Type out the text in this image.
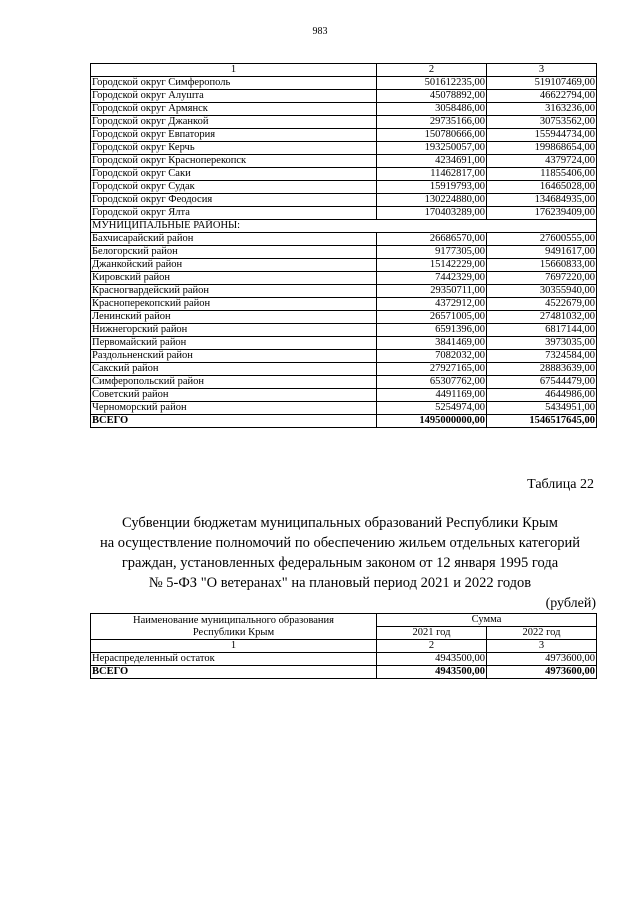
983
1	2	3
Городской округ Симферополь	501612235,00	519107469,00
Городской округ Алушта	45078892,00	46622794,00
Городской округ Армянск	3058486,00	3163236,00
Городской округ Джанкой	29735166,00	30753562,00
Городской округ Евпатория	150780666,00	155944734,00
Городской округ Керчь	193250057,00	199868654,00
Городской округ Красноперекопск	4234691,00	4379724,00
Городской округ Саки	11462817,00	11855406,00
Городской округ Судак	15919793,00	16465028,00
Городской округ Феодосия	130224880,00	134684935,00
Городской округ Ялта	170403289,00	176239409,00
МУНИЦИПАЛЬНЫЕ РАЙОНЫ:		
Бахчисарайский район	26686570,00	27600555,00
Белогорский район	9177305,00	9491617,00
Джанкойский район	15142229,00	15660833,00
Кировский район	7442329,00	7697220,00
Красногвардейский район	29350711,00	30355940,00
Красноперекопский район	4372912,00	4522679,00
Ленинский район	26571005,00	27481032,00
Нижнегорский район	6591396,00	6817144,00
Первомайский район	3841469,00	3973035,00
Раздольненский район	7082032,00	7324584,00
Сакский район	27927165,00	28883639,00
Симферопольский район	65307762,00	67544479,00
Советский район	4491169,00	4644986,00
Черноморский район	5254974,00	5434951,00
ВСЕГО	1495000000,00	1546517645,00
Таблица 22
Субвенции бюджетам муниципальных образований Республики Крым
на осуществление полномочий по обеспечению жильем отдельных категорий
граждан, установленных федеральным законом от 12 января 1995 года
№ 5-ФЗ "О ветеранах" на плановый период 2021 и 2022 годов
(рублей)
Наименование муниципального образования
Республики Крым	Сумма	
	2021 год	2022 год
1	2	3
Нераспределенный остаток	4943500,00	4973600,00
ВСЕГО	4943500,00	4973600,00
